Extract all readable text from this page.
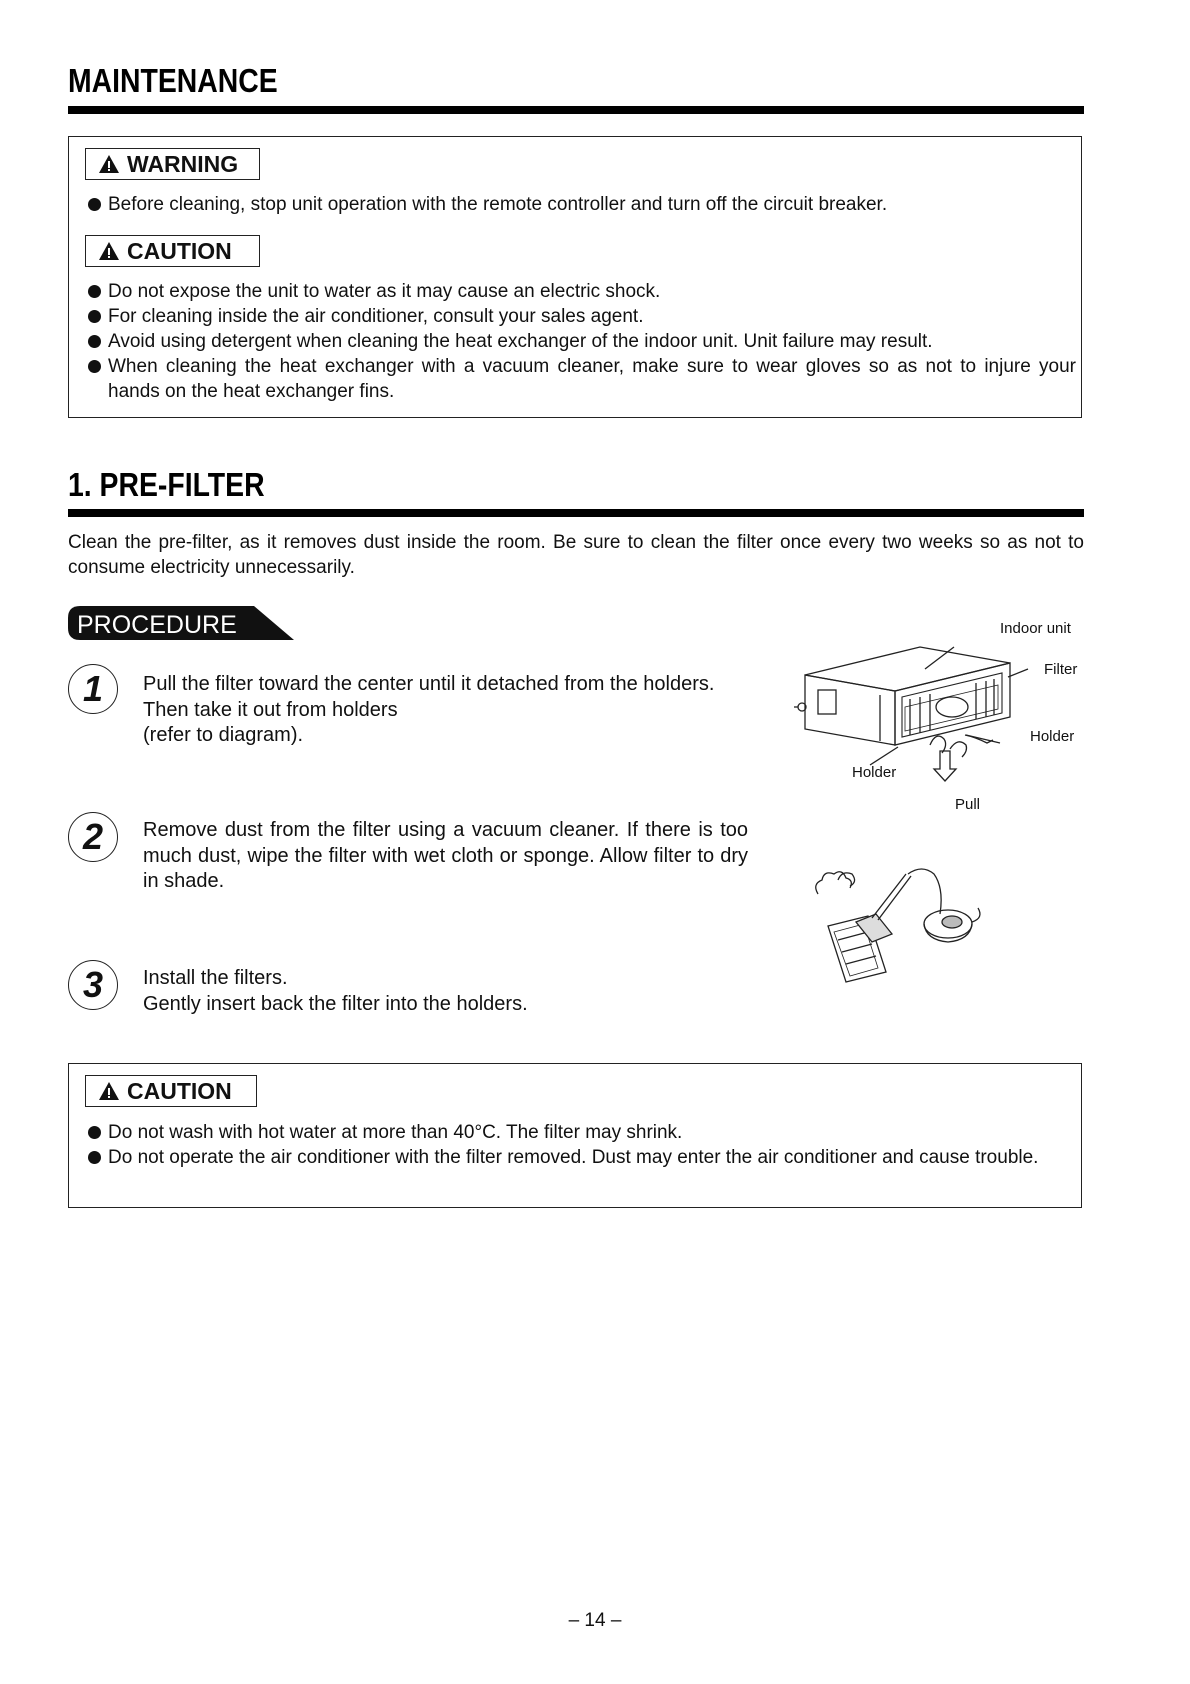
MAINTENANCE
WARNING
Before cleaning, stop unit operation with the remote controller and turn off the circuit breaker.
CAUTION
Do not expose the unit to water as it may cause an electric shock.
For cleaning inside the air conditioner, consult your sales agent.
Avoid using detergent when cleaning the heat exchanger of the indoor unit. Unit failure may result.
When cleaning the heat exchanger with a vacuum cleaner, make sure to wear gloves so as not to injure your hands on the heat exchanger fins.
1. PRE-FILTER
Clean the pre-filter, as it removes dust inside the room. Be sure to clean the filter once every two weeks so as not to consume electricity unnecessarily.
PROCEDURE
1	Pull the filter toward the center until it detached from the holders.
Then take it out from holders
(refer to diagram).
2	Remove dust from the filter using a vacuum cleaner. If there is too much dust, wipe the filter with wet cloth or sponge. Allow filter to dry in shade.
3	Install the filters.
Gently insert back the filter into the holders.
Indoor unit
Filter
Holder
Holder
Pull
CAUTION
Do not wash with hot water at more than 40°C. The filter may shrink.
Do not operate the air conditioner with the filter removed. Dust may enter the air conditioner and cause trouble.
– 14 –
